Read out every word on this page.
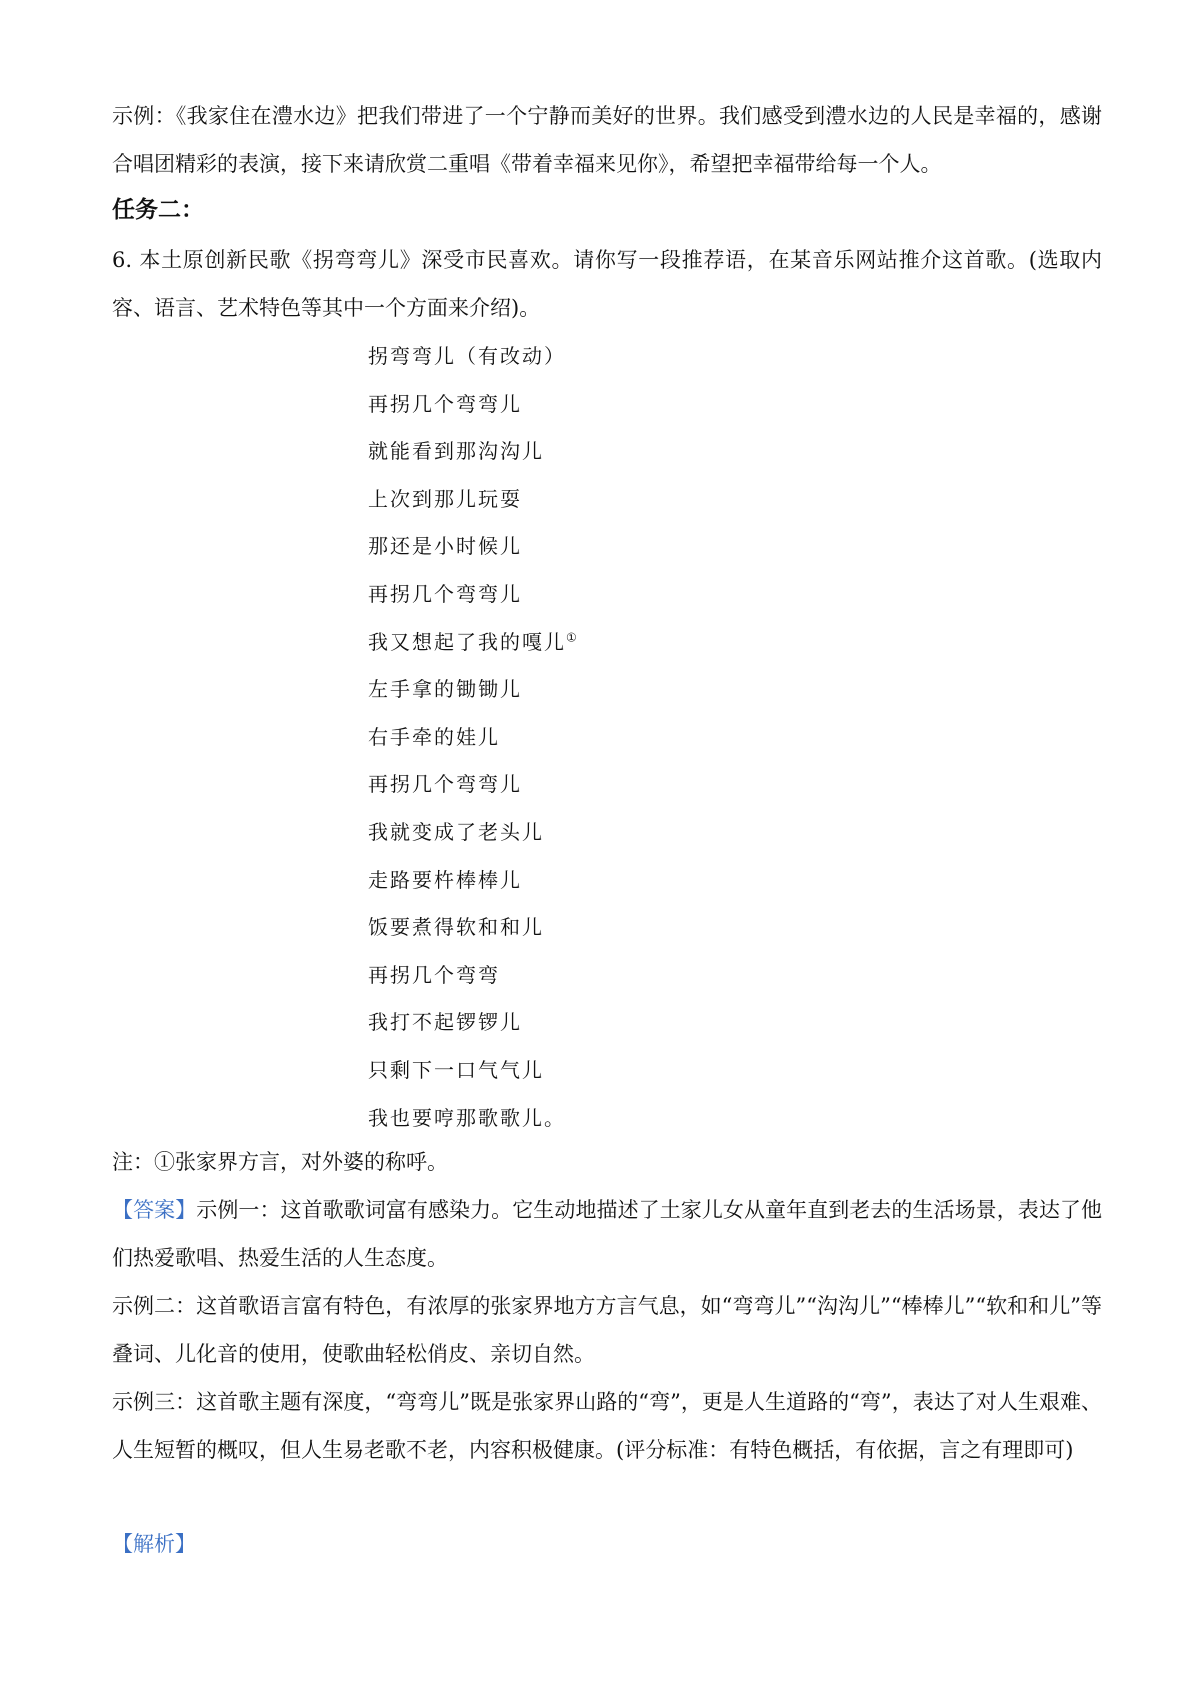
示例：《我家住在澧水边》把我们带进了一个宁静而美好的世界。我们感受到澧水边的人民是幸福的，感谢合唱团精彩的表演，接下来请欣赏二重唱《带着幸福来见你》，希望把幸福带给每一个人。

任务二：

6. 本土原创新民歌《拐弯弯儿》深受市民喜欢。请你写一段推荐语，在某音乐网站推介这首歌。(选取内容、语言、艺术特色等其中一个方面来介绍)。

拐弯弯儿（有改动）
再拐几个弯弯儿
就能看到那沟沟儿
上次到那儿玩耍
那还是小时候儿
再拐几个弯弯儿
我又想起了我的嘎儿①
左手拿的锄锄儿
右手牵的娃儿
再拐几个弯弯儿
我就变成了老头儿
走路要杵棒棒儿
饭要煮得软和和儿
再拐几个弯弯
我打不起锣锣儿
只剩下一口气气儿
我也要哼那歌歌儿。

注：①张家界方言，对外婆的称呼。

【答案】示例一：这首歌歌词富有感染力。它生动地描述了土家儿女从童年直到老去的生活场景，表达了他们热爱歌唱、热爱生活的人生态度。

示例二：这首歌语言富有特色，有浓厚的张家界地方方言气息，如“弯弯儿”“沟沟儿”“棒棒儿”“软和和儿”等叠词、儿化音的使用，使歌曲轻松俏皮、亲切自然。

示例三：这首歌主题有深度，“弯弯儿”既是张家界山路的“弯”，更是人生道路的“弯”，表达了对人生艰难、人生短暂的概叹，但人生易老歌不老，内容积极健康。(评分标准：有特色概括，有依据，言之有理即可)

【解析】
